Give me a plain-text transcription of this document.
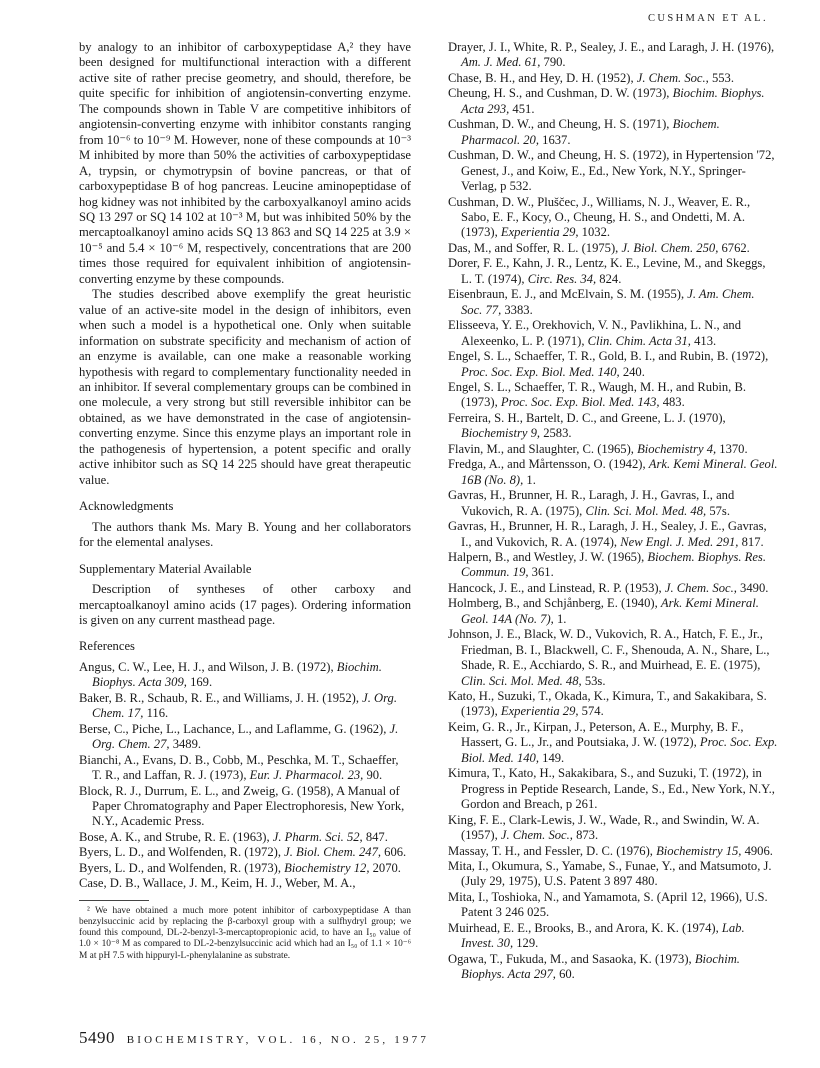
CUSHMAN ET AL.

by analogy to an inhibitor of carboxypeptidase A,² they have been designed for multifunctional interaction with a different active site of rather precise geometry, and should, therefore, be quite specific for inhibition of angiotensin-converting enzyme. The compounds shown in Table V are competitive inhibitors of angiotensin-converting enzyme with inhibitor constants ranging from 10⁻⁶ to 10⁻⁹ M. However, none of these compounds at 10⁻³ M inhibited by more than 50% the activities of carboxypeptidase A, trypsin, or chymotrypsin of bovine pancreas, or that of carboxypeptidase B of hog pancreas. Leucine aminopeptidase of hog kidney was not inhibited by the carboxyalkanoyl amino acids SQ 13 297 or SQ 14 102 at 10⁻³ M, but was inhibited 50% by the mercaptoalkanoyl amino acids SQ 13 863 and SQ 14 225 at 3.9 × 10⁻⁵ and 5.4 × 10⁻⁶ M, respectively, concentrations that are 200 times those required for equivalent inhibition of angiotensin-converting enzyme by these compounds.

The studies described above exemplify the great heuristic value of an active-site model in the design of inhibitors, even when such a model is a hypothetical one. Only when suitable information on substrate specificity and mechanism of action of an enzyme is available, can one make a reasonable working hypothesis with regard to complementary functionality needed in an inhibitor. If several complementary groups can be combined in one molecule, a very strong but still reversible inhibitor can be obtained, as we have demonstrated in the case of angiotensin-converting enzyme. Since this enzyme plays an important role in the pathogenesis of hypertension, a potent specific and orally active inhibitor such as SQ 14 225 should have great therapeutic value.

Acknowledgments

The authors thank Ms. Mary B. Young and her collaborators for the elemental analyses.

Supplementary Material Available

Description of syntheses of other carboxy and mercaptoalkanoyl amino acids (17 pages). Ordering information is given on any current masthead page.

References

Angus, C. W., Lee, H. J., and Wilson, J. B. (1972), Biochim. Biophys. Acta 309, 169.

Baker, B. R., Schaub, R. E., and Williams, J. H. (1952), J. Org. Chem. 17, 116.

Berse, C., Piche, L., Lachance, L., and Laflamme, G. (1962), J. Org. Chem. 27, 3489.

Bianchi, A., Evans, D. B., Cobb, M., Peschka, M. T., Schaeffer, T. R., and Laffan, R. J. (1973), Eur. J. Pharmacol. 23, 90.

Block, R. J., Durrum, E. L., and Zweig, G. (1958), A Manual of Paper Chromatography and Paper Electrophoresis, New York, N.Y., Academic Press.

Bose, A. K., and Strube, R. E. (1963), J. Pharm. Sci. 52, 847.

Byers, L. D., and Wolfenden, R. (1972), J. Biol. Chem. 247, 606.

Byers, L. D., and Wolfenden, R. (1973), Biochemistry 12, 2070.

Case, D. B., Wallace, J. M., Keim, H. J., Weber, M. A.,

² We have obtained a much more potent inhibitor of carboxypeptidase A than benzylsuccinic acid by replacing the β-carboxyl group with a sulfhydryl group; we found this compound, DL-2-benzyl-3-mercaptopropionic acid, to have an I₅₀ value of 1.0 × 10⁻⁸ M as compared to DL-2-benzylsuccinic acid which had an I₅₀ of 1.1 × 10⁻⁶ M at pH 7.5 with hippuryl-L-phenylalanine as substrate.

Drayer, J. I., White, R. P., Sealey, J. E., and Laragh, J. H. (1976), Am. J. Med. 61, 790.

Chase, B. H., and Hey, D. H. (1952), J. Chem. Soc., 553.

Cheung, H. S., and Cushman, D. W. (1973), Biochim. Biophys. Acta 293, 451.

Cushman, D. W., and Cheung, H. S. (1971), Biochem. Pharmacol. 20, 1637.

Cushman, D. W., and Cheung, H. S. (1972), in Hypertension '72, Genest, J., and Koiw, E., Ed., New York, N.Y., Springer-Verlag, p 532.

Cushman, D. W., Pluščec, J., Williams, N. J., Weaver, E. R., Sabo, E. F., Kocy, O., Cheung, H. S., and Ondetti, M. A. (1973), Experientia 29, 1032.

Das, M., and Soffer, R. L. (1975), J. Biol. Chem. 250, 6762.

Dorer, F. E., Kahn, J. R., Lentz, K. E., Levine, M., and Skeggs, L. T. (1974), Circ. Res. 34, 824.

Eisenbraun, E. J., and McElvain, S. M. (1955), J. Am. Chem. Soc. 77, 3383.

Elisseeva, Y. E., Orekhovich, V. N., Pavlikhina, L. N., and Alexeenko, L. P. (1971), Clin. Chim. Acta 31, 413.

Engel, S. L., Schaeffer, T. R., Gold, B. I., and Rubin, B. (1972), Proc. Soc. Exp. Biol. Med. 140, 240.

Engel, S. L., Schaeffer, T. R., Waugh, M. H., and Rubin, B. (1973), Proc. Soc. Exp. Biol. Med. 143, 483.

Ferreira, S. H., Bartelt, D. C., and Greene, L. J. (1970), Biochemistry 9, 2583.

Flavin, M., and Slaughter, C. (1965), Biochemistry 4, 1370.

Fredga, A., and Mårtensson, O. (1942), Ark. Kemi Mineral. Geol. 16B (No. 8), 1.

Gavras, H., Brunner, H. R., Laragh, J. H., Gavras, I., and Vukovich, R. A. (1975), Clin. Sci. Mol. Med. 48, 57s.

Gavras, H., Brunner, H. R., Laragh, J. H., Sealey, J. E., Gavras, I., and Vukovich, R. A. (1974), New Engl. J. Med. 291, 817.

Halpern, B., and Westley, J. W. (1965), Biochem. Biophys. Res. Commun. 19, 361.

Hancock, J. E., and Linstead, R. P. (1953), J. Chem. Soc., 3490.

Holmberg, B., and Schjånberg, E. (1940), Ark. Kemi Mineral. Geol. 14A (No. 7), 1.

Johnson, J. E., Black, W. D., Vukovich, R. A., Hatch, F. E., Jr., Friedman, B. I., Blackwell, C. F., Shenouda, A. N., Share, L., Shade, R. E., Acchiardo, S. R., and Muirhead, E. E. (1975), Clin. Sci. Mol. Med. 48, 53s.

Kato, H., Suzuki, T., Okada, K., Kimura, T., and Sakakibara, S. (1973), Experientia 29, 574.

Keim, G. R., Jr., Kirpan, J., Peterson, A. E., Murphy, B. F., Hassert, G. L., Jr., and Poutsiaka, J. W. (1972), Proc. Soc. Exp. Biol. Med. 140, 149.

Kimura, T., Kato, H., Sakakibara, S., and Suzuki, T. (1972), in Progress in Peptide Research, Lande, S., Ed., New York, N.Y., Gordon and Breach, p 261.

King, F. E., Clark-Lewis, J. W., Wade, R., and Swindin, W. A. (1957), J. Chem. Soc., 873.

Massay, T. H., and Fessler, D. C. (1976), Biochemistry 15, 4906.

Mita, I., Okumura, S., Yamabe, S., Funae, Y., and Matsumoto, J. (July 29, 1975), U.S. Patent 3 897 480.

Mita, I., Toshioka, N., and Yamamota, S. (April 12, 1966), U.S. Patent 3 246 025.

Muirhead, E. E., Brooks, B., and Arora, K. K. (1974), Lab. Invest. 30, 129.

Ogawa, T., Fukuda, M., and Sasaoka, K. (1973), Biochim. Biophys. Acta 297, 60.

5490 BIOCHEMISTRY, VOL. 16, NO. 25, 1977
